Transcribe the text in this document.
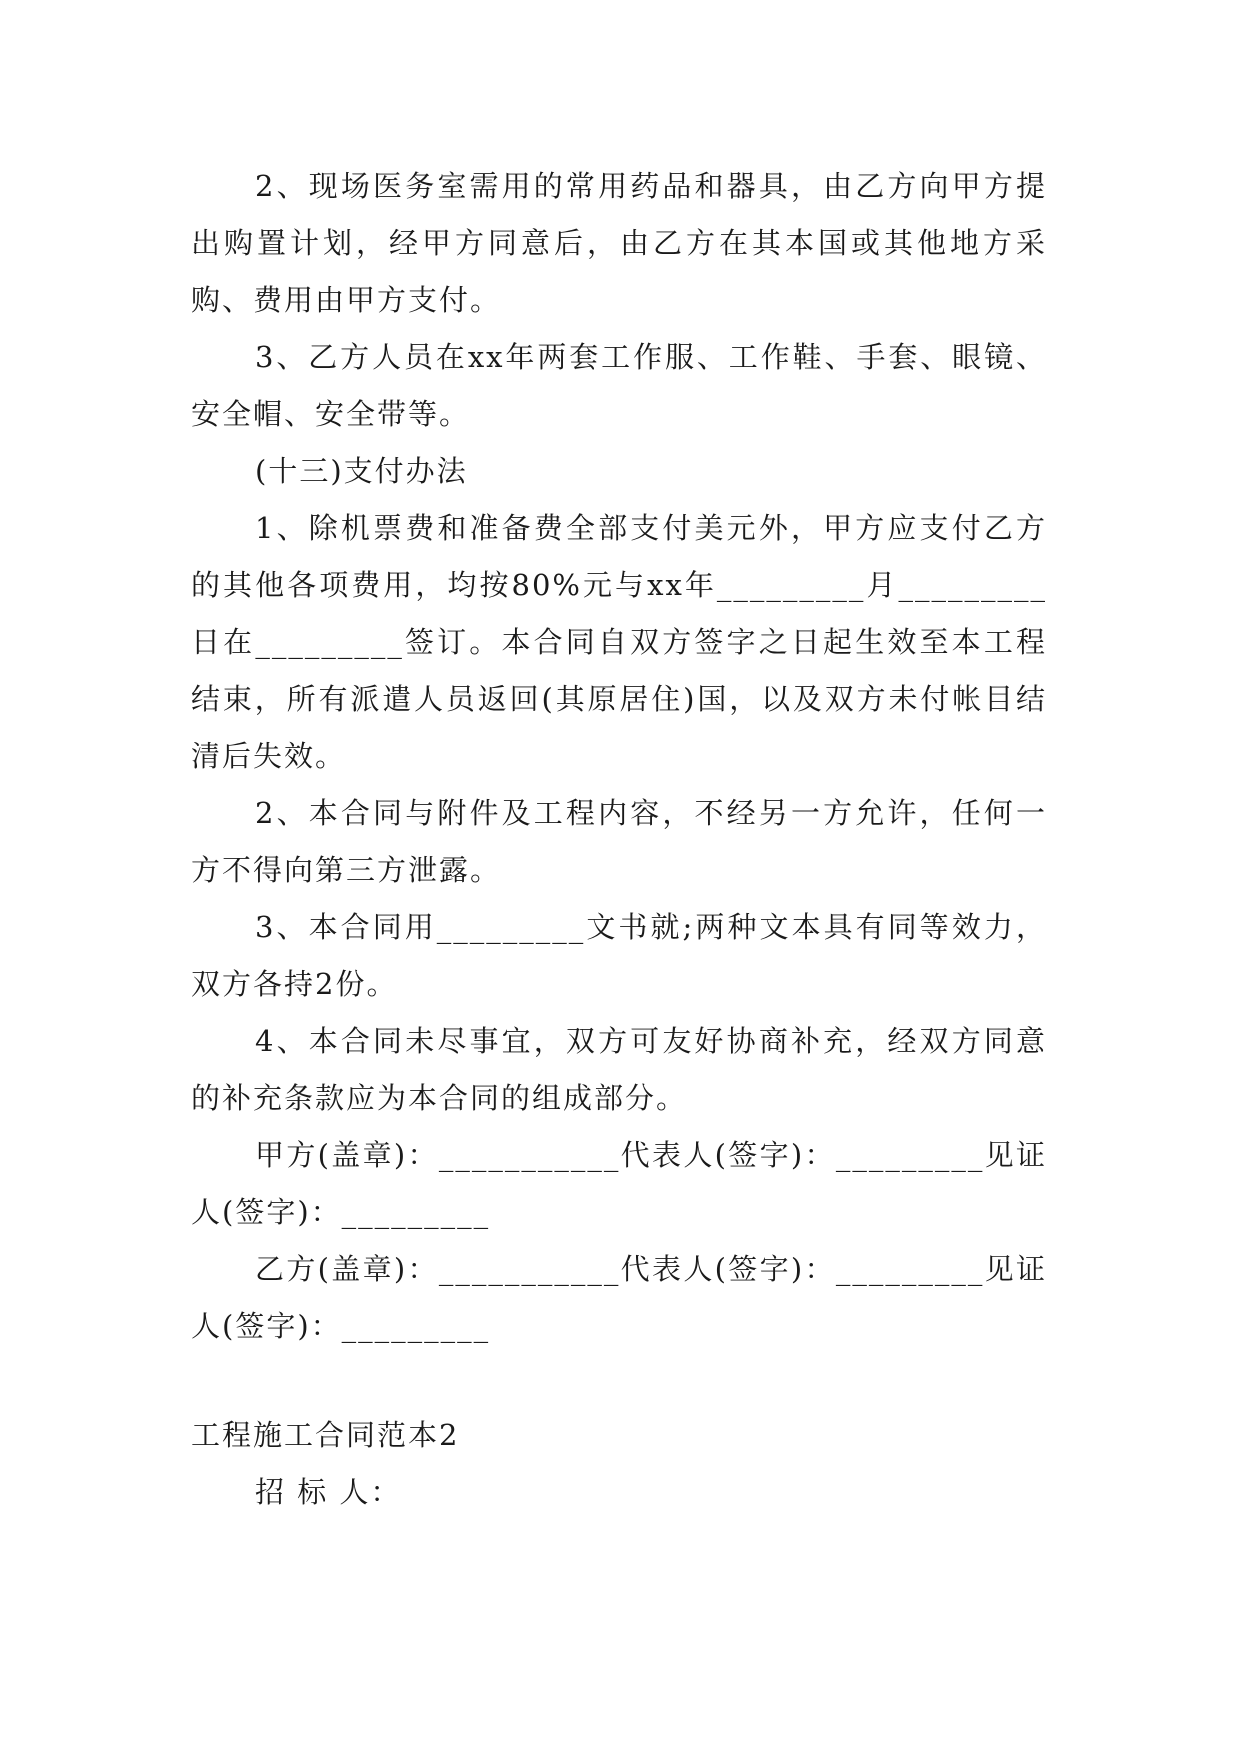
2、现场医务室需用的常用药品和器具，由乙方向甲方提出购置计划，经甲方同意后，由乙方在其本国或其他地方采购、费用由甲方支付。

3、乙方人员在xx年两套工作服、工作鞋、手套、眼镜、安全帽、安全带等。

(十三)支付办法

1、除机票费和准备费全部支付美元外，甲方应支付乙方的其他各项费用，均按80%元与xx年_________月_________日在_________签订。本合同自双方签字之日起生效至本工程结束，所有派遣人员返回(其原居住)国，以及双方未付帐目结清后失效。

2、本合同与附件及工程内容，不经另一方允许，任何一方不得向第三方泄露。

3、本合同用_________文书就;两种文本具有同等效力，双方各持2份。

4、本合同未尽事宜，双方可友好协商补充，经双方同意的补充条款应为本合同的组成部分。

甲方(盖章)：___________代表人(签字)：_________见证人(签字)：_________

乙方(盖章)：___________代表人(签字)：_________见证人(签字)：_________

工程施工合同范本2

招 标 人：
